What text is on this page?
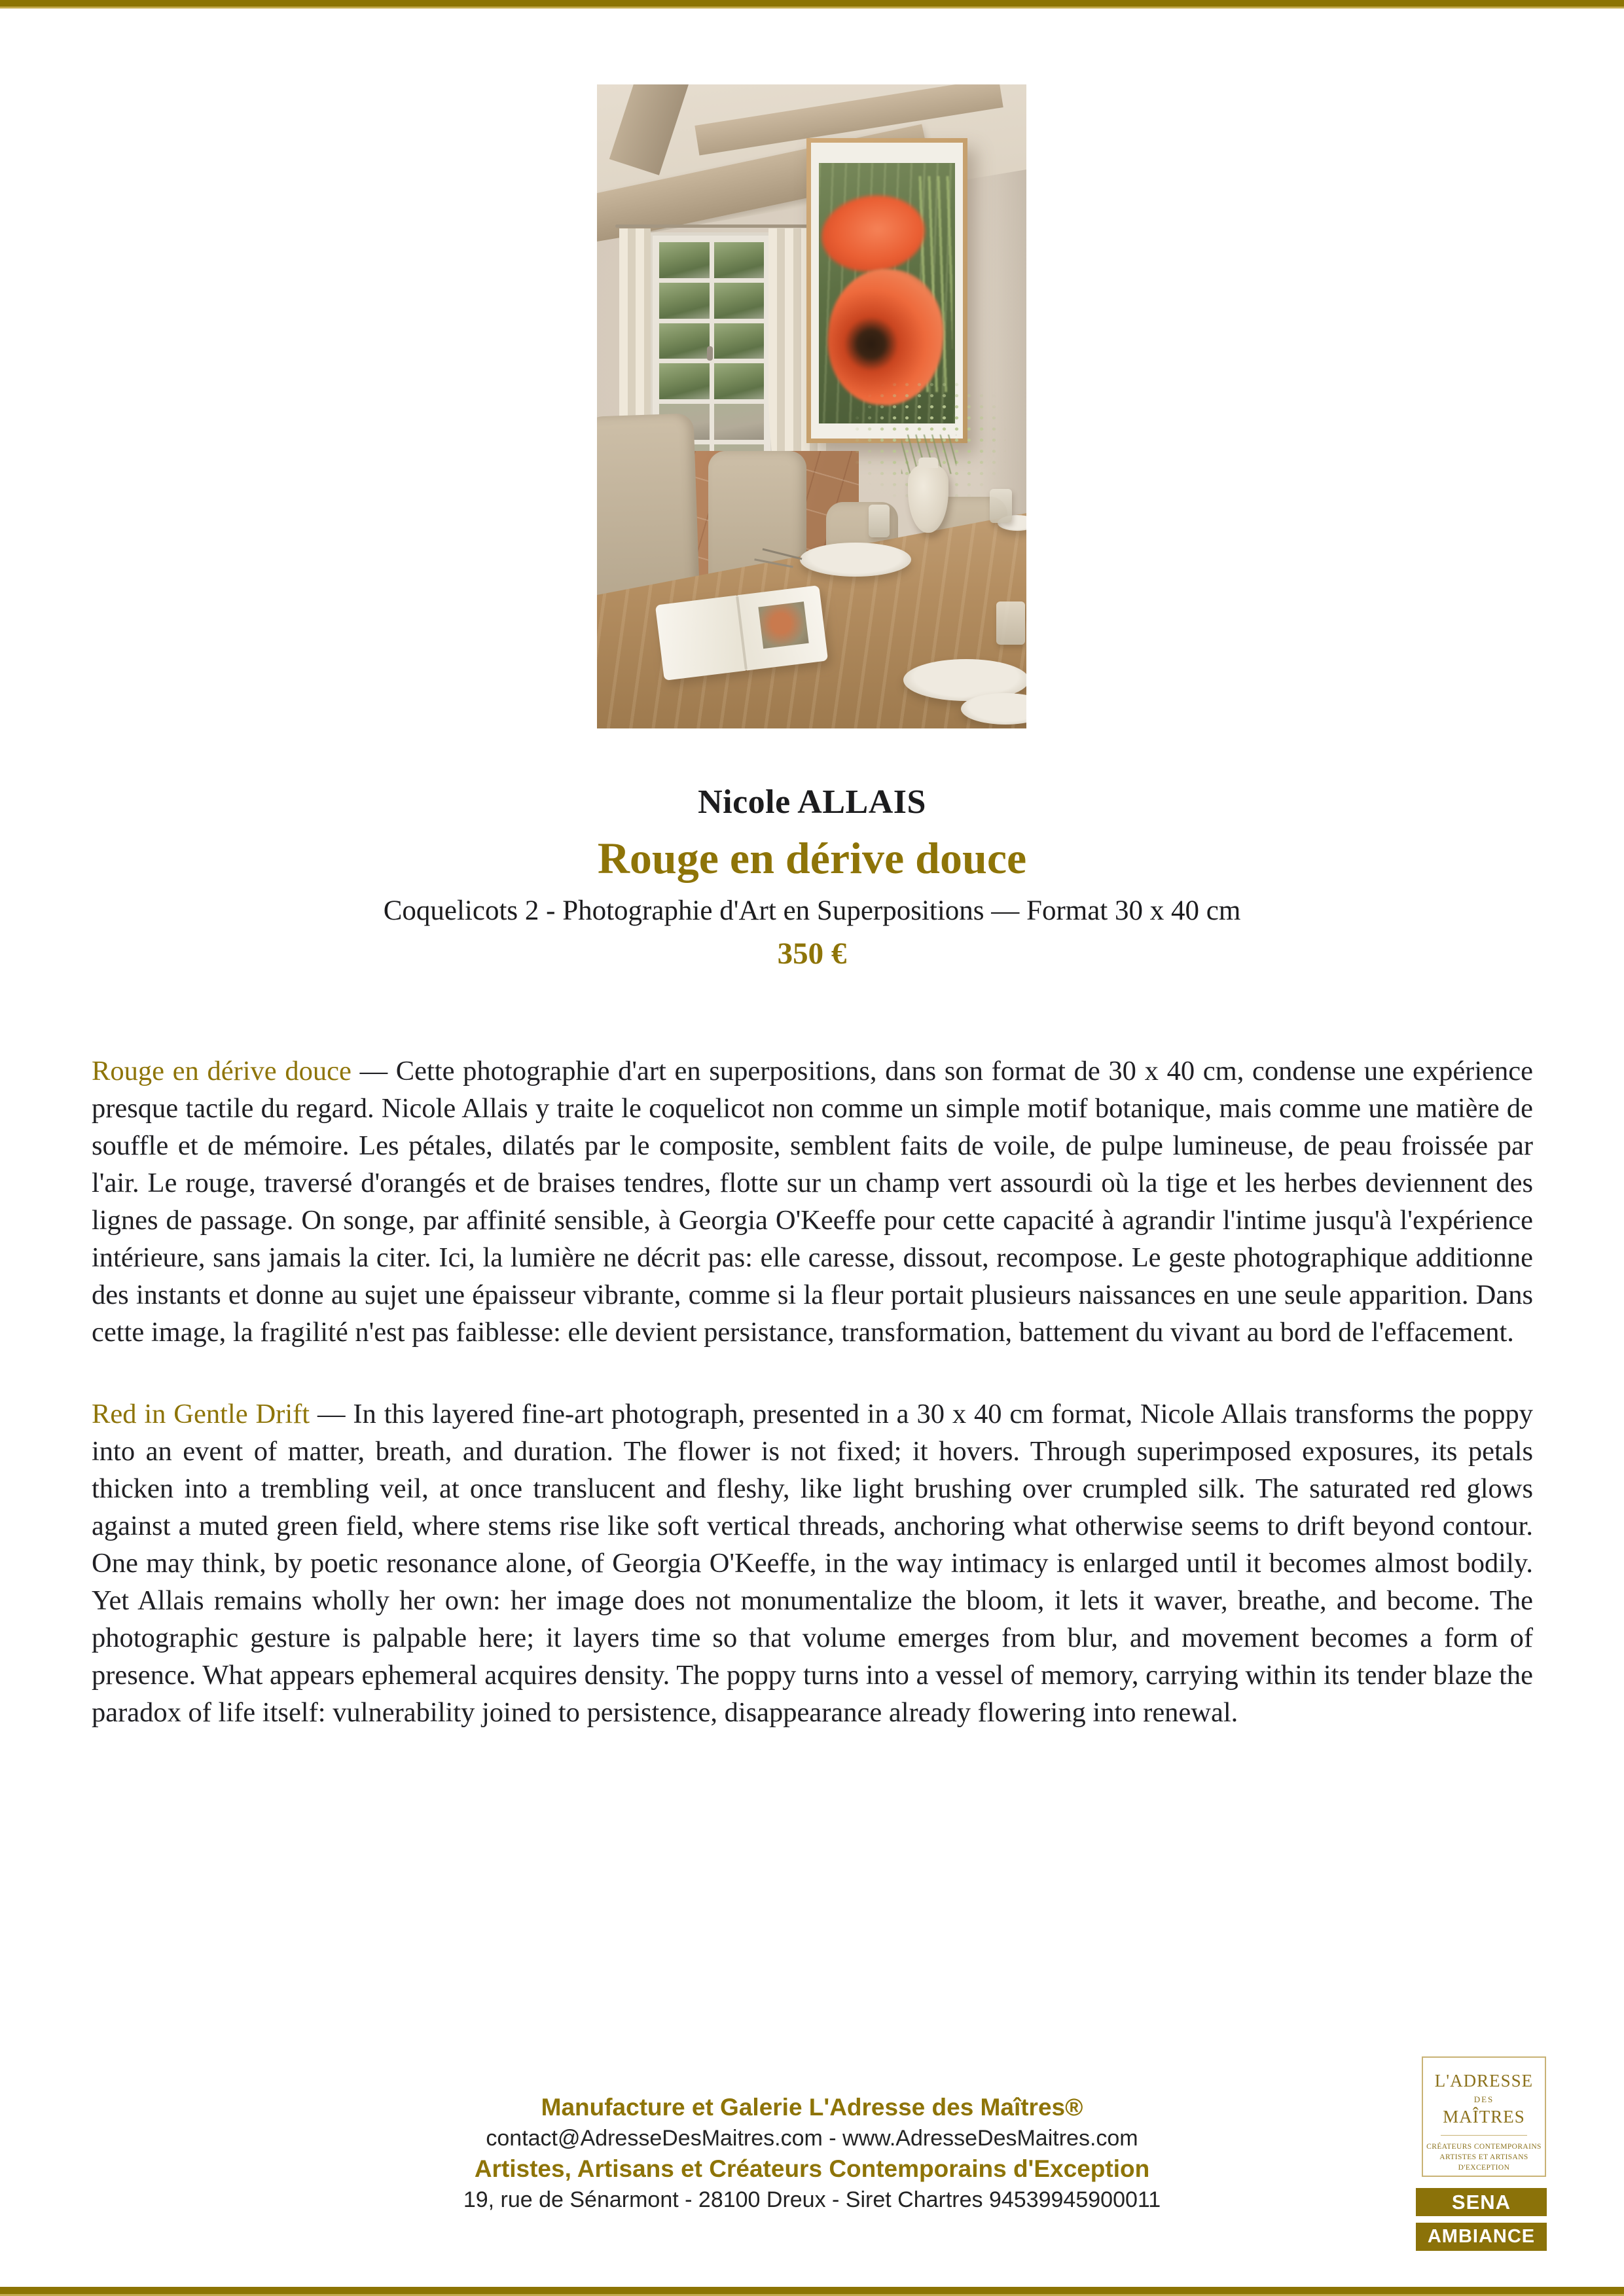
Nicole ALLAIS
Rouge en dérive douce
Coquelicots 2 - Photographie d'Art en Superpositions — Format 30 x 40 cm
350 €

Rouge en dérive douce — Cette photographie d'art en superpositions, dans son format de 30 x 40 cm, condense une expérience presque tactile du regard. Nicole Allais y traite le coquelicot non comme un simple motif botanique, mais comme une matière de souffle et de mémoire. Les pétales, dilatés par le composite, semblent faits de voile, de pulpe lumineuse, de peau froissée par l'air. Le rouge, traversé d'orangés et de braises tendres, flotte sur un champ vert assourdi où la tige et les herbes deviennent des lignes de passage. On songe, par affinité sensible, à Georgia O'Keeffe pour cette capacité à agrandir l'intime jusqu'à l'expérience intérieure, sans jamais la citer. Ici, la lumière ne décrit pas: elle caresse, dissout, recompose. Le geste photographique additionne des instants et donne au sujet une épaisseur vibrante, comme si la fleur portait plusieurs naissances en une seule apparition. Dans cette image, la fragilité n'est pas faiblesse: elle devient persistance, transformation, battement du vivant au bord de l'effacement.

Red in Gentle Drift — In this layered fine-art photograph, presented in a 30 x 40 cm format, Nicole Allais transforms the poppy into an event of matter, breath, and duration. The flower is not fixed; it hovers. Through superimposed exposures, its petals thicken into a trembling veil, at once translucent and fleshy, like light brushing over crumpled silk. The saturated red glows against a muted green field, where stems rise like soft vertical threads, anchoring what otherwise seems to drift beyond contour. One may think, by poetic resonance alone, of Georgia O'Keeffe, in the way intimacy is enlarged until it becomes almost bodily. Yet Allais remains wholly her own: her image does not monumentalize the bloom, it lets it waver, breathe, and become. The photographic gesture is palpable here; it layers time so that volume emerges from blur, and movement becomes a form of presence. What appears ephemeral acquires density. The poppy turns into a vessel of memory, carrying within its tender blaze the paradox of life itself: vulnerability joined to persistence, disappearance already flowering into renewal.

Manufacture et Galerie L'Adresse des Maîtres®
contact@AdresseDesMaitres.com - www.AdresseDesMaitres.com
Artistes, Artisans et Créateurs Contemporains d'Exception
19, rue de Sénarmont - 28100 Dreux - Siret Chartres 94539945900011
L'ADRESSE
DES
MAÎTRES
CRÉATEURS CONTEMPORAINS
ARTISTES ET ARTISANS
D'EXCEPTION
SENA
AMBIANCE
